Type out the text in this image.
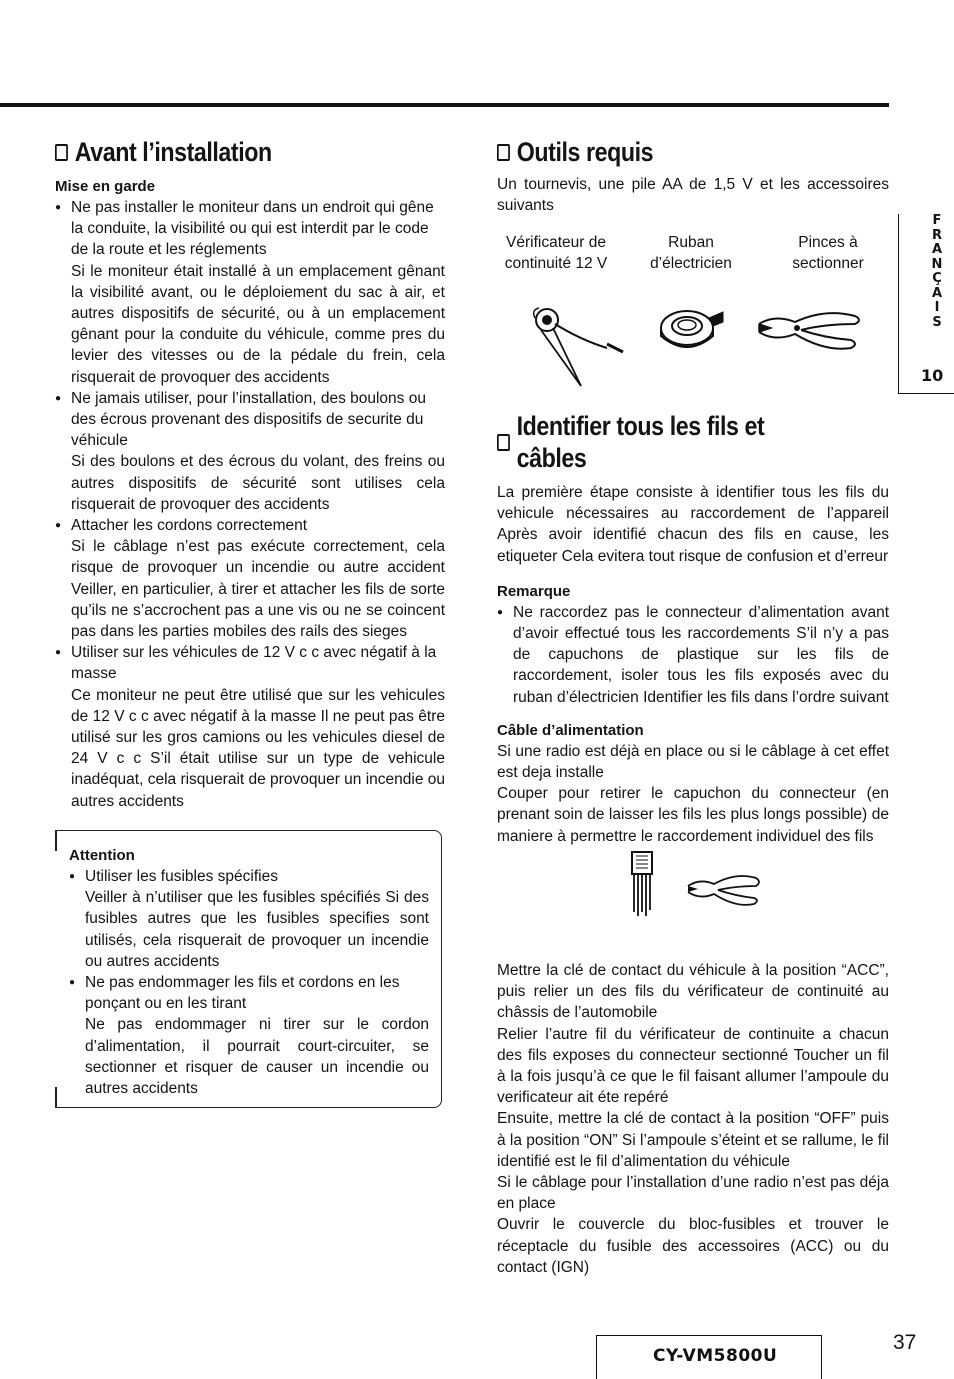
Avant l’installation
Mise en garde
● Ne pas installer le moniteur dans un endroit qui gêne la conduite, la visibilité ou qui est interdit par le code de la route et les réglements
Si le moniteur était installé à un emplacement gênant la visibilité avant, ou le déploiement du sac à air, et autres dispositifs de sécurité, ou à un emplacement gênant pour la conduite du véhicule, comme pres du levier des vitesses ou de la pédale du frein, cela risquerait de provoquer des accidents
● Ne jamais utiliser, pour l’installation, des boulons ou des écrous provenant des dispositifs de securite du véhicule
Si des boulons et des écrous du volant, des freins ou autres dispositifs de sécurité sont utilises cela risquerait de provoquer des accidents
● Attacher les cordons correctement
Si le câblage n’est pas exécute correctement, cela risque de provoquer un incendie ou autre accident Veiller, en particulier, à tirer et attacher les fils de sorte qu’ils ne s’accrochent pas a une vis ou ne se coincent pas dans les parties mobiles des rails des sieges
● Utiliser sur les véhicules de 12 V c c avec négatif à la masse
Ce moniteur ne peut être utilisé que sur les vehicules de 12 V c c avec négatif à la masse Il ne peut pas être utilisé sur les gros camions ou les vehicules diesel de 24 V c c S’il était utilise sur un type de vehicule inadéquat, cela risquerait de provoquer un incendie ou autres accidents
Attention
● Utiliser les fusibles spécifies
Veiller à n’utiliser que les fusibles spécifiés Si des fusibles autres que les fusibles specifies sont utilisés, cela risquerait de provoquer un incendie ou autres accidents
● Ne pas endommager les fils et cordons en les ponçant ou en les tirant
Ne pas endommager ni tirer sur le cordon d’alimentation, il pourrait court-circuiter, se sectionner et risquer de causer un incendie ou autres accidents
Outils requis

Un tournevis, une pile AA de 1,5 V et les accessoires suivants

Vérificateur de continuité 12 V
Ruban d’électricien
Pinces à sectionner
Identifier tous les fils et câbles

La première étape consiste à identifier tous les fils du vehicule nécessaires au raccordement de l’appareil Après avoir identifié chacun des fils en cause, les etiqueter Cela evitera tout risque de confusion et d’erreur

Remarque
● Ne raccordez pas le connecteur d’alimentation avant d’avoir effectué tous les raccordements S’il n’y a pas de capuchons de plastique sur les fils de raccordement, isoler tous les fils exposés avec du ruban d’électricien Identifier les fils dans l’ordre suivant
Câble d’alimentation

Si une radio est déjà en place ou si le câblage à cet effet est deja installe

Couper pour retirer le capuchon du connecteur (en prenant soin de laisser les fils les plus longs possible) de maniere à permettre le raccordement individuel des fils

Mettre la clé de contact du véhicule à la position “ACC”, puis relier un des fils du vérificateur de continuité au châssis de l’automobile

Relier l’autre fil du vérificateur de continuite a chacun des fils exposes du connecteur sectionné Toucher un fil à la fois jusqu’à ce que le fil faisant allumer l’ampoule du verificateur ait éte repéré

Ensuite, mettre la clé de contact à la position “OFF” puis à la position “ON” Si l’ampoule s’éteint et se rallume, le fil identifié est le fil d’alimentation du véhicule

Si le câblage pour l’installation d’une radio n’est pas déja en place

Ouvrir le couvercle du bloc-fusibles et trouver le réceptacle du fusible des accessoires (ACC) ou du contact (IGN)

F
R
A
N
Ç
A
I
S
10
CY-VM5800U
37
